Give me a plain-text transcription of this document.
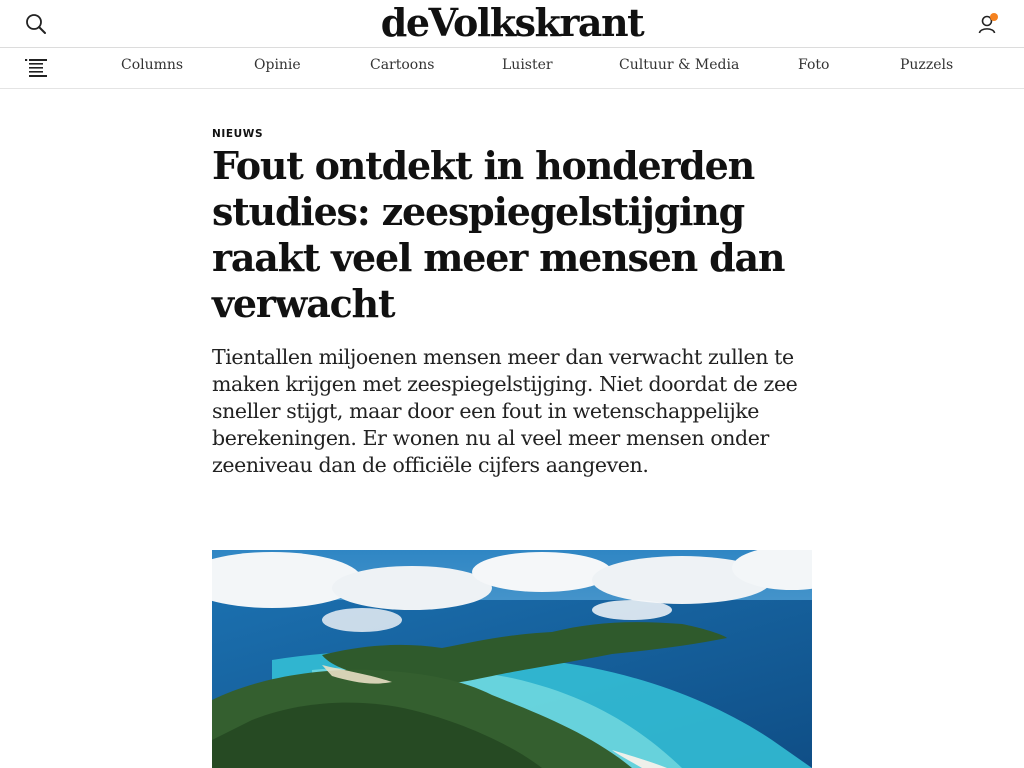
deVolkskrant
Columns	Opinie	Cartoons	Luister	Cultuur & Media	Foto	Puzzels
NIEUWS
Fout ontdekt in honderden studies: zeespiegelstijging raakt veel meer mensen dan verwacht

Tientallen miljoenen mensen meer dan verwacht zullen te maken krijgen met zeespiegelstijging. Niet doordat de zee sneller stijgt, maar door een fout in wetenschappelijke berekeningen. Er wonen nu al veel meer mensen onder zeeniveau dan de officiële cijfers aangeven.
